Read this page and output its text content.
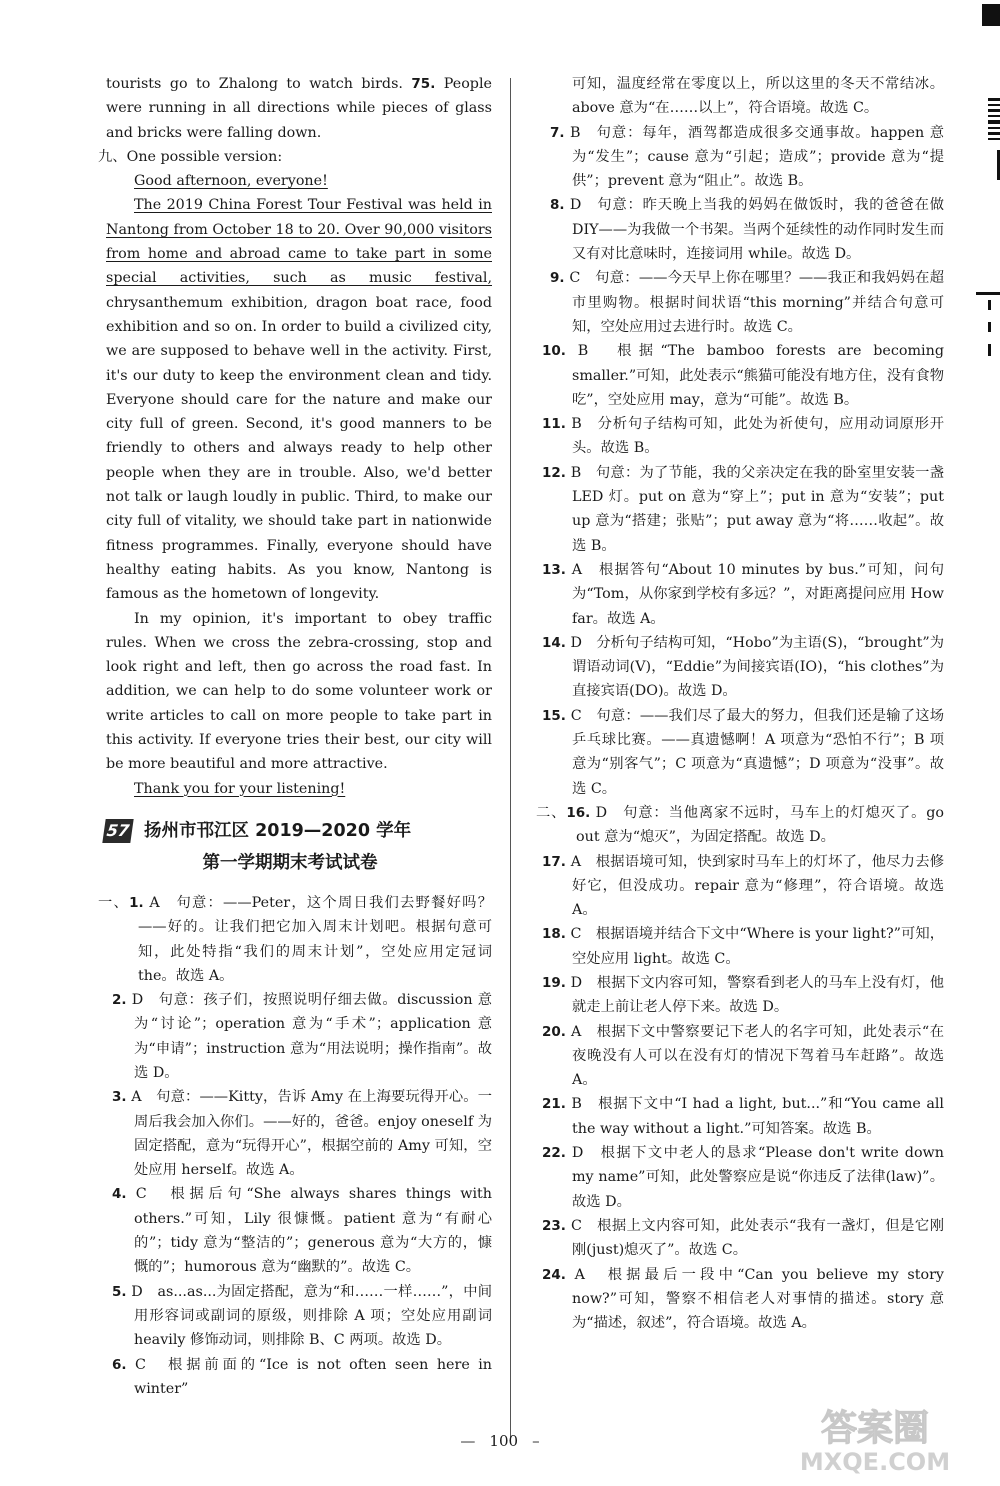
tourists go to Zhalong to watch birds. 75. People were running in all directions while pieces of glass and bricks were falling down.

九、One possible version:

Good afternoon, everyone!

The 2019 China Forest Tour Festival was held in Nantong from October 18 to 20. Over 90,000 visitors from home and abroad came to take part in some special activities, such as music festival, chrysanthemum exhibition, dragon boat race, food exhibition and so on. In order to build a civilized city, we are supposed to behave well in the activity. First, it's our duty to keep the environment clean and tidy. Everyone should care for the nature and make our city full of green. Second, it's good manners to be friendly to others and always ready to help other people when they are in trouble. Also, we'd better not talk or laugh loudly in public. Third, to make our city full of vitality, we should take part in nationwide fitness programmes. Finally, everyone should have healthy eating habits. As you know, Nantong is famous as the hometown of longevity.

In my opinion, it's important to obey traffic rules. When we cross the zebra-crossing, stop and look right and left, then go across the road fast. In addition, we can help to do some volunteer work or write articles to call on more people to take part in this activity. If everyone tries their best, our city will be more beautiful and more attractive.

Thank you for your listening!

57 扬州市邗江区 2019—2020 学年
第一学期期末考试试卷

一、1. A　句意：——Peter，这个周日我们去野餐好吗？——好的。让我们把它加入周末计划吧。根据句意可知，此处特指“我们的周末计划”，空处应用定冠词 the。故选 A。

2. D　句意：孩子们，按照说明仔细去做。discussion 意为“讨论”；operation 意为“手术”；application 意为“申请”；instruction 意为“用法说明；操作指南”。故选 D。

3. A　句意：——Kitty，告诉 Amy 在上海要玩得开心。一周后我会加入你们。——好的，爸爸。enjoy oneself 为固定搭配，意为“玩得开心”，根据空前的 Amy 可知，空处应用 herself。故选 A。

4. C　根据后句“She always shares things with others.”可知，Lily 很慷慨。patient 意为“有耐心的”；tidy 意为“整洁的”；generous 意为“大方的，慷慨的”；humorous 意为“幽默的”。故选 C。

5. D　as...as...为固定搭配，意为“和……一样……”，中间用形容词或副词的原级，则排除 A 项；空处应用副词 heavily 修饰动词，则排除 B、C 两项。故选 D。

6. C　根据前面的“Ice is not often seen here in winter”

可知，温度经常在零度以上，所以这里的冬天不常结冰。above 意为“在……以上”，符合语境。故选 C。

7. B　句意：每年，酒驾都造成很多交通事故。happen 意为“发生”；cause 意为“引起；造成”；provide 意为“提供”；prevent 意为“阻止”。故选 B。

8. D　句意：昨天晚上当我的妈妈在做饭时，我的爸爸在做 DIY——为我做一个书架。当两个延续性的动作同时发生而又有对比意味时，连接词用 while。故选 D。

9. C　句意：——今天早上你在哪里？——我正和我妈妈在超市里购物。根据时间状语“this morning”并结合句意可知，空处应用过去进行时。故选 C。

10. B　根据“The bamboo forests are becoming smaller.”可知，此处表示“熊猫可能没有地方住，没有食物吃”，空处应用 may，意为“可能”。故选 B。

11. B　分析句子结构可知，此处为祈使句，应用动词原形开头。故选 B。

12. B　句意：为了节能，我的父亲决定在我的卧室里安装一盏 LED 灯。put on 意为“穿上”；put in 意为“安装”；put up 意为“搭建；张贴”；put away 意为“将……收起”。故选 B。

13. A　根据答句“About 10 minutes by bus.”可知，问句为“Tom，从你家到学校有多远？”，对距离提问应用 How far。故选 A。

14. D　分析句子结构可知，“Hobo”为主语(S)，“brought”为谓语动词(V)，“Eddie”为间接宾语(IO)，“his clothes”为直接宾语(DO)。故选 D。

15. C　句意：——我们尽了最大的努力，但我们还是输了这场乒乓球比赛。——真遗憾啊！A 项意为“恐怕不行”；B 项意为“别客气”；C 项意为“真遗憾”；D 项意为“没事”。故选 C。

二、16. D　句意：当他离家不远时，马车上的灯熄灭了。go out 意为“熄灭”，为固定搭配。故选 D。

17. A　根据语境可知，快到家时马车上的灯坏了，他尽力去修好它，但没成功。repair 意为“修理”，符合语境。故选 A。

18. C　根据语境并结合下文中“Where is your light?”可知，空处应用 light。故选 C。

19. D　根据下文内容可知，警察看到老人的马车上没有灯，他就走上前让老人停下来。故选 D。

20. A　根据下文中警察要记下老人的名字可知，此处表示“在夜晚没有人可以在没有灯的情况下驾着马车赶路”。故选 A。

21. B　根据下文中“I had a light, but...”和“You came all the way without a light.”可知答案。故选 B。

22. D　根据下文中老人的恳求“Please don't write down my name”可知，此处警察应是说“你违反了法律(law)”。故选 D。

23. C　根据上文内容可知，此处表示“我有一盏灯，但是它刚刚(just)熄灭了”。故选 C。

24. A　根据最后一段中“Can you believe my story now?”可知，警察不相信老人对事情的描述。story 意为“描述，叙述”，符合语境。故选 A。

— 100 –	答案圈
MXQE.COM
